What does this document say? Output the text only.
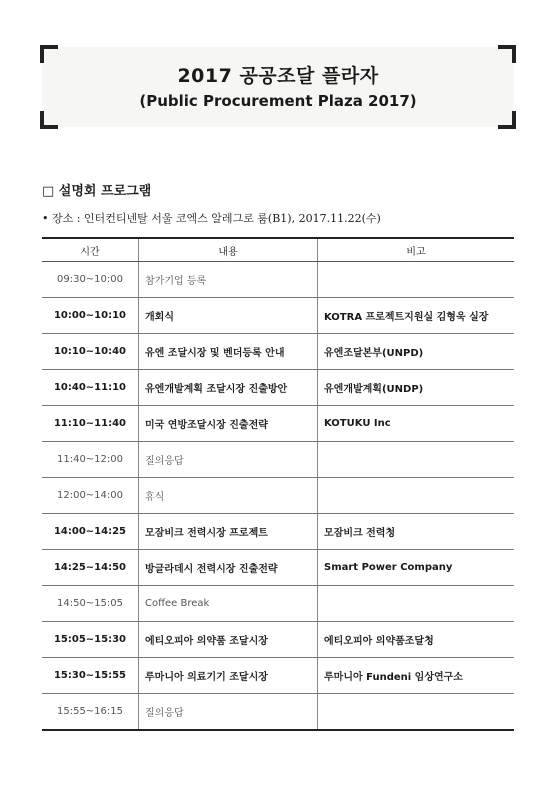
2017 공공조달 플라자
(Public Procurement Plaza 2017)
□ 설명회 프로그램
• 장소 : 인터컨티넨탈 서울 코엑스 알레그로 룸(B1), 2017.11.22(수)
시간	내용	비고
09:30~10:00	참가기업 등록	
10:00~10:10	개회식	KOTRA 프로젝트지원실 김형욱 실장
10:10~10:40	유엔 조달시장 및 벤더등록 안내	유엔조달본부(UNPD)
10:40~11:10	유엔개발계획 조달시장 진출방안	유엔개발계획(UNDP)
11:10~11:40	미국 연방조달시장 진출전략	KOTUKU Inc
11:40~12:00	질의응답	
12:00~14:00	휴식	
14:00~14:25	모잠비크 전력시장 프로젝트	모잠비크 전력청
14:25~14:50	방글라데시 전력시장 진출전략	Smart Power Company
14:50~15:05	Coffee Break	
15:05~15:30	에티오피아 의약품 조달시장	에티오피아 의약품조달청
15:30~15:55	루마니아 의료기기 조달시장	루마니아 Fundeni 임상연구소
15:55~16:15	질의응답	
